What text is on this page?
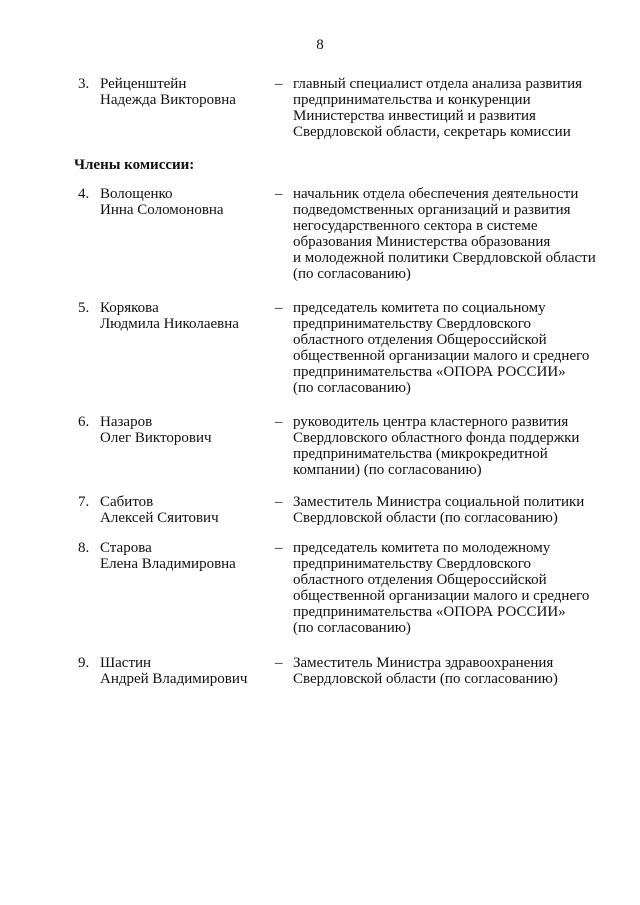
8
3. Рейценштейн
Надежда Викторовна
– главный специалист отдела анализа развития
предпринимательства и конкуренции
Министерства инвестиций и развития
Свердловской области, секретарь комиссии
Члены комиссии:
4. Волощенко
Инна Соломоновна
– начальник отдела обеспечения деятельности
подведомственных организаций и развития
негосударственного сектора в системе
образования Министерства образования
и молодежной политики Свердловской области
(по согласованию)
5. Корякова
Людмила Николаевна
– председатель комитета по социальному
предпринимательству Свердловского
областного отделения Общероссийской
общественной организации малого и среднего
предпринимательства «ОПОРА РОССИИ»
(по согласованию)
6. Назаров
Олег Викторович
– руководитель центра кластерного развития
Свердловского областного фонда поддержки
предпринимательства (микрокредитной
компании) (по согласованию)
7. Сабитов
Алексей Сяитович
– Заместитель Министра социальной политики
Свердловской области (по согласованию)
8. Старова
Елена Владимировна
– председатель комитета по молодежному
предпринимательству Свердловского
областного отделения Общероссийской
общественной организации малого и среднего
предпринимательства «ОПОРА РОССИИ»
(по согласованию)
9. Шастин
Андрей Владимирович
– Заместитель Министра здравоохранения
Свердловской области (по согласованию)
